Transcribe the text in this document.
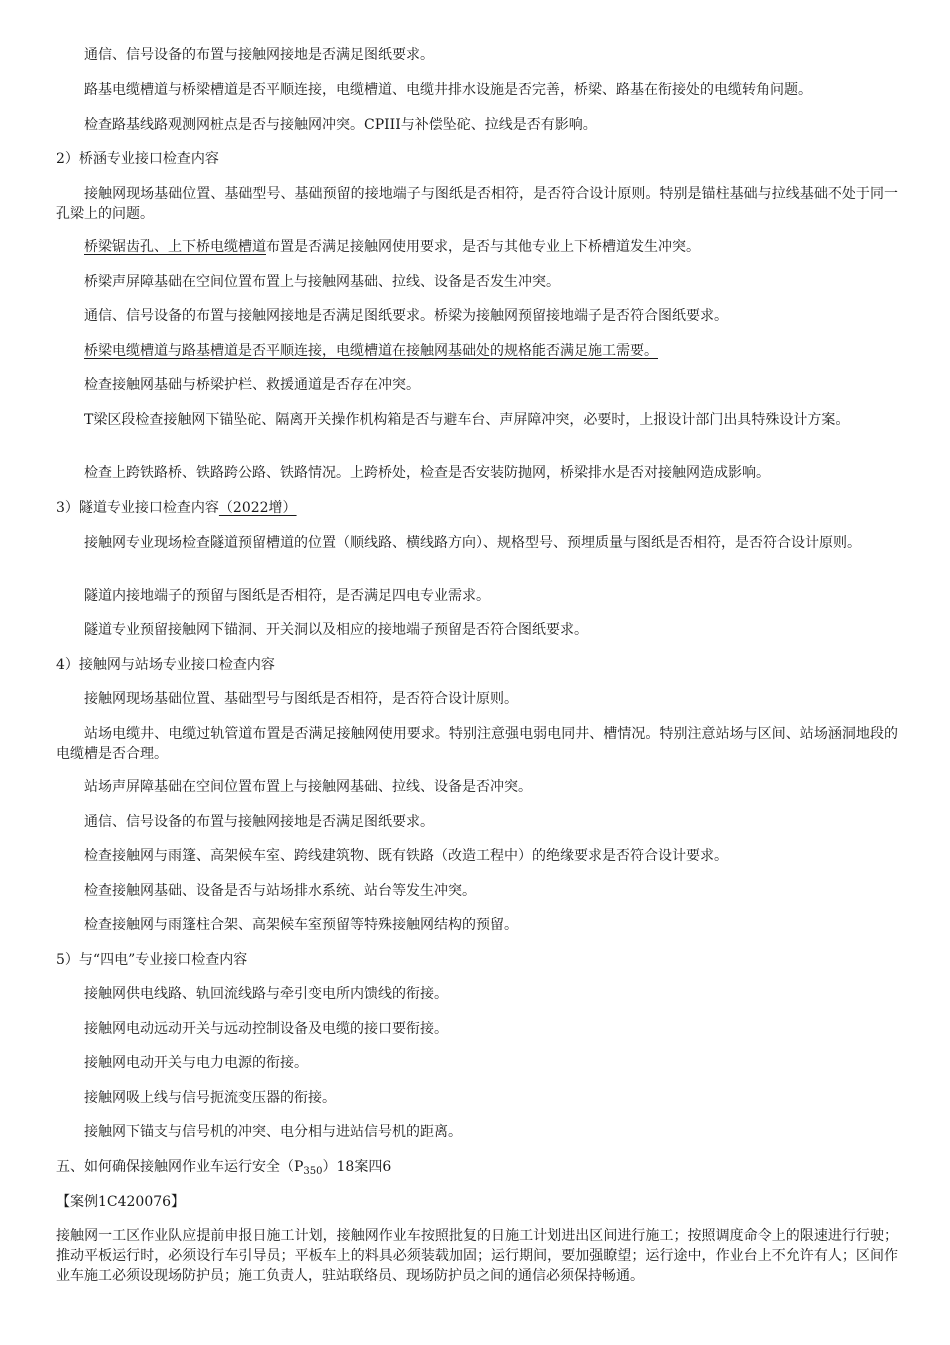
通信、信号设备的布置与接触网接地是否满足图纸要求。

路基电缆槽道与桥梁槽道是否平顺连接，电缆槽道、电缆井排水设施是否完善，桥梁、路基在衔接处的电缆转角问题。

检查路基线路观测网桩点是否与接触网冲突。CPIII与补偿坠砣、拉线是否有影响。

2）桥涵专业接口检查内容

接触网现场基础位置、基础型号、基础预留的接地端子与图纸是否相符，是否符合设计原则。特别是锚柱基础与拉线基础不处于同一孔梁上的问题。

桥梁锯齿孔、上下桥电缆槽道布置是否满足接触网使用要求，是否与其他专业上下桥槽道发生冲突。

桥梁声屏障基础在空间位置布置上与接触网基础、拉线、设备是否发生冲突。

通信、信号设备的布置与接触网接地是否满足图纸要求。桥梁为接触网预留接地端子是否符合图纸要求。

桥梁电缆槽道与路基槽道是否平顺连接，电缆槽道在接触网基础处的规格能否满足施工需要。

检查接触网基础与桥梁护栏、救援通道是否存在冲突。

T梁区段检查接触网下锚坠砣、隔离开关操作机构箱是否与避车台、声屏障冲突，必要时，上报设计部门出具特殊设计方案。

检查上跨铁路桥、铁路跨公路、铁路情况。上跨桥处，检查是否安装防抛网，桥梁排水是否对接触网造成影响。

3）隧道专业接口检查内容（2022增）

接触网专业现场检查隧道预留槽道的位置（顺线路、横线路方向）、规格型号、预埋质量与图纸是否相符，是否符合设计原则。

隧道内接地端子的预留与图纸是否相符，是否满足四电专业需求。

隧道专业预留接触网下锚洞、开关洞以及相应的接地端子预留是否符合图纸要求。

4）接触网与站场专业接口检查内容

接触网现场基础位置、基础型号与图纸是否相符，是否符合设计原则。

站场电缆井、电缆过轨管道布置是否满足接触网使用要求。特别注意强电弱电同井、槽情况。特别注意站场与区间、站场涵洞地段的电缆槽是否合理。

站场声屏障基础在空间位置布置上与接触网基础、拉线、设备是否冲突。

通信、信号设备的布置与接触网接地是否满足图纸要求。

检查接触网与雨篷、高架候车室、跨线建筑物、既有铁路（改造工程中）的绝缘要求是否符合设计要求。

检查接触网基础、设备是否与站场排水系统、站台等发生冲突。

检查接触网与雨篷柱合架、高架候车室预留等特殊接触网结构的预留。

5）与“四电”专业接口检查内容

接触网供电线路、轨回流线路与牵引变电所内馈线的衔接。

接触网电动远动开关与远动控制设备及电缆的接口要衔接。

接触网电动开关与电力电源的衔接。

接触网吸上线与信号扼流变压器的衔接。

接触网下锚支与信号机的冲突、电分相与进站信号机的距离。

五、如何确保接触网作业车运行安全$(P_{350})18$案四6

【案例1C420076】

接触网一工区作业队应提前申报日施工计划，接触网作业车按照批复的日施工计划进出区间进行施工；按照调度命令上的限速进行行驶；推动平板运行时，必须设行车引导员；平板车上的料具必须装载加固；运行期间，要加强瞭望；运行途中，作业台上不允许有人；区间作业车施工必须设现场防护员；施工负责人，驻站联络员、现场防护员之间的通信必须保持畅通。
